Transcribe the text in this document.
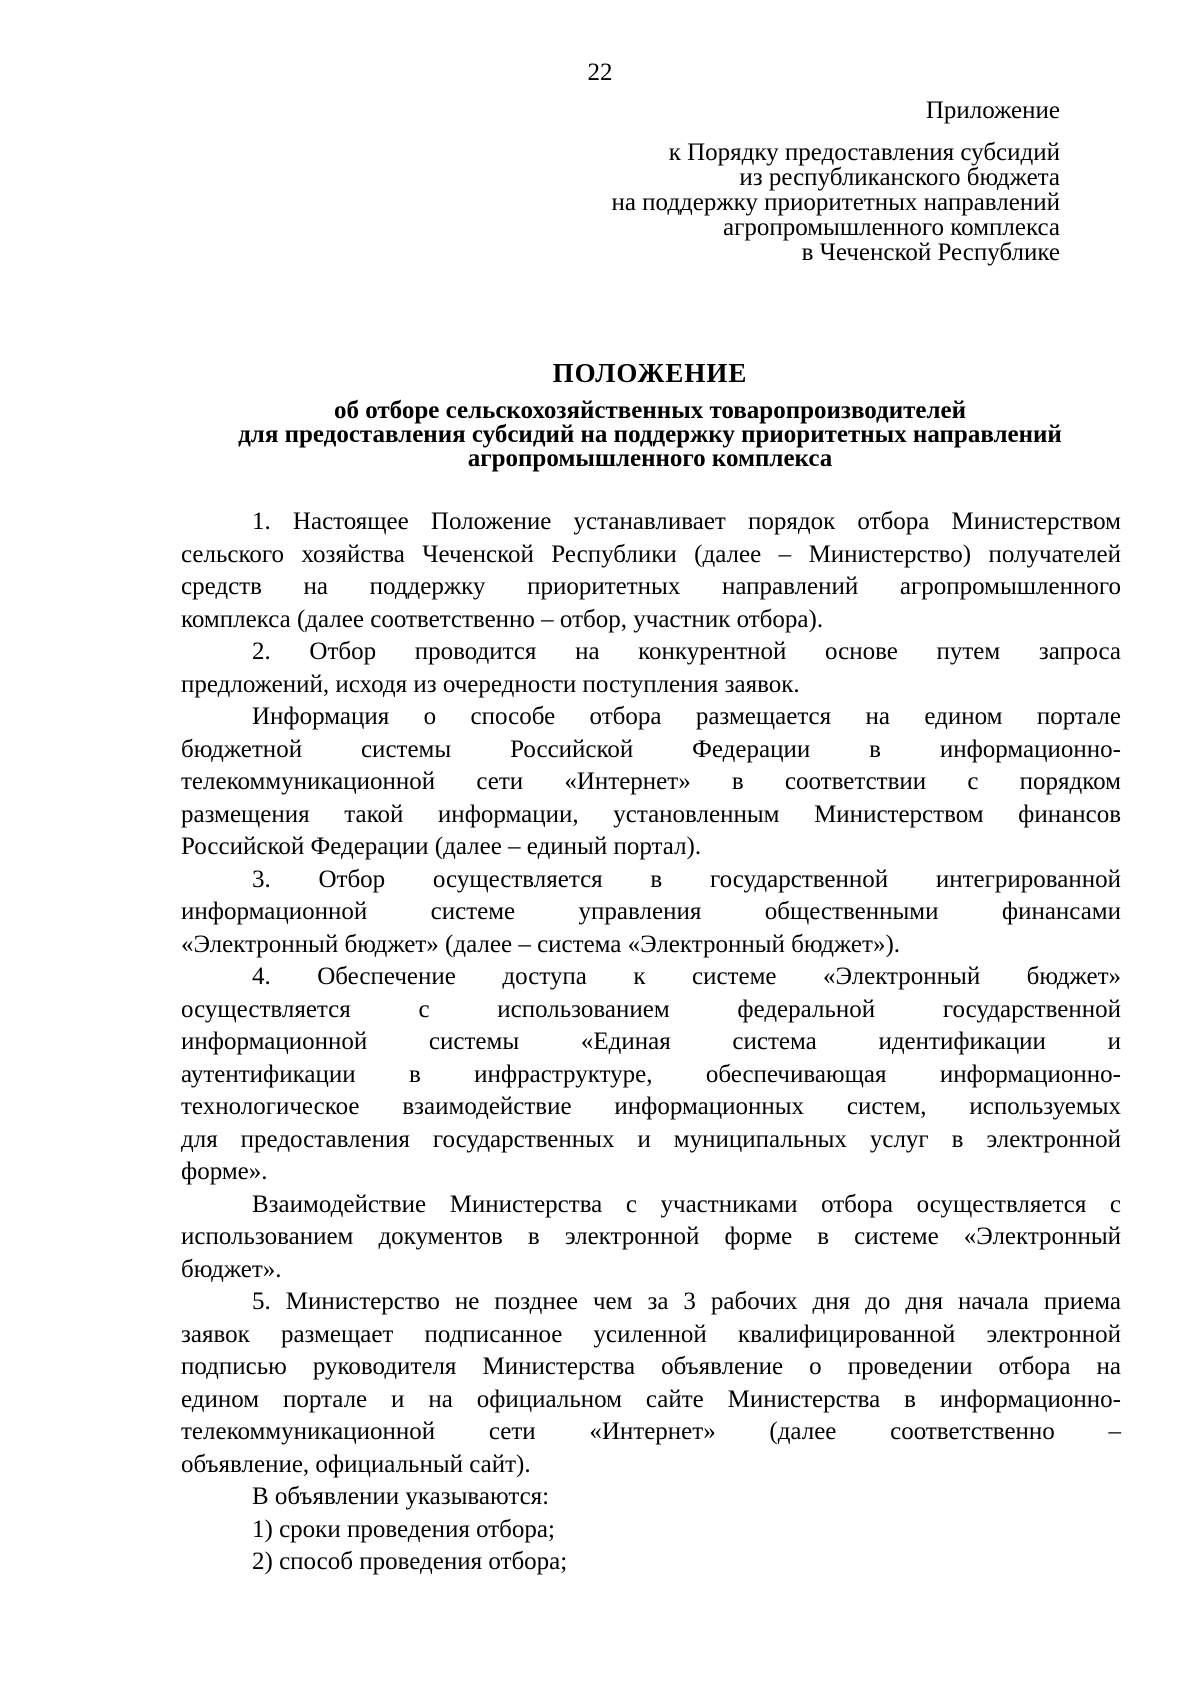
22
Приложение
к Порядку предоставления субсидий
из республиканского бюджета
на поддержку приоритетных направлений
агропромышленного комплекса
в Чеченской Республике
ПОЛОЖЕНИЕ
об отборе сельскохозяйственных товаропроизводителей
для предоставления субсидий на поддержку приоритетных направлений
агропромышленного комплекса
1. Настоящее Положение устанавливает порядок отбора Министерством
сельского хозяйства Чеченской Республики (далее – Министерство) получателей
средств на поддержку приоритетных направлений агропромышленного
комплекса (далее соответственно – отбор, участник отбора).
2. Отбор проводится на конкурентной основе путем запроса
предложений, исходя из очередности поступления заявок.
Информация о способе отбора размещается на едином портале
бюджетной системы Российской Федерации в информационно-
телекоммуникационной сети «Интернет» в соответствии с порядком
размещения такой информации, установленным Министерством финансов
Российской Федерации (далее – единый портал).
3. Отбор осуществляется в государственной интегрированной
информационной системе управления общественными финансами
«Электронный бюджет» (далее – система «Электронный бюджет»).
4. Обеспечение доступа к системе «Электронный бюджет»
осуществляется с использованием федеральной государственной
информационной системы «Единая система идентификации и
аутентификации в инфраструктуре, обеспечивающая информационно-
технологическое взаимодействие информационных систем, используемых
для предоставления государственных и муниципальных услуг в электронной
форме».
Взаимодействие Министерства с участниками отбора осуществляется с
использованием документов в электронной форме в системе «Электронный
бюджет».
5. Министерство не позднее чем за 3 рабочих дня до дня начала приема
заявок размещает подписанное усиленной квалифицированной электронной
подписью руководителя Министерства объявление о проведении отбора на
едином портале и на официальном сайте Министерства в информационно-
телекоммуникационной сети «Интернет» (далее соответственно –
объявление, официальный сайт).
В объявлении указываются:
1) сроки проведения отбора;
2) способ проведения отбора;
